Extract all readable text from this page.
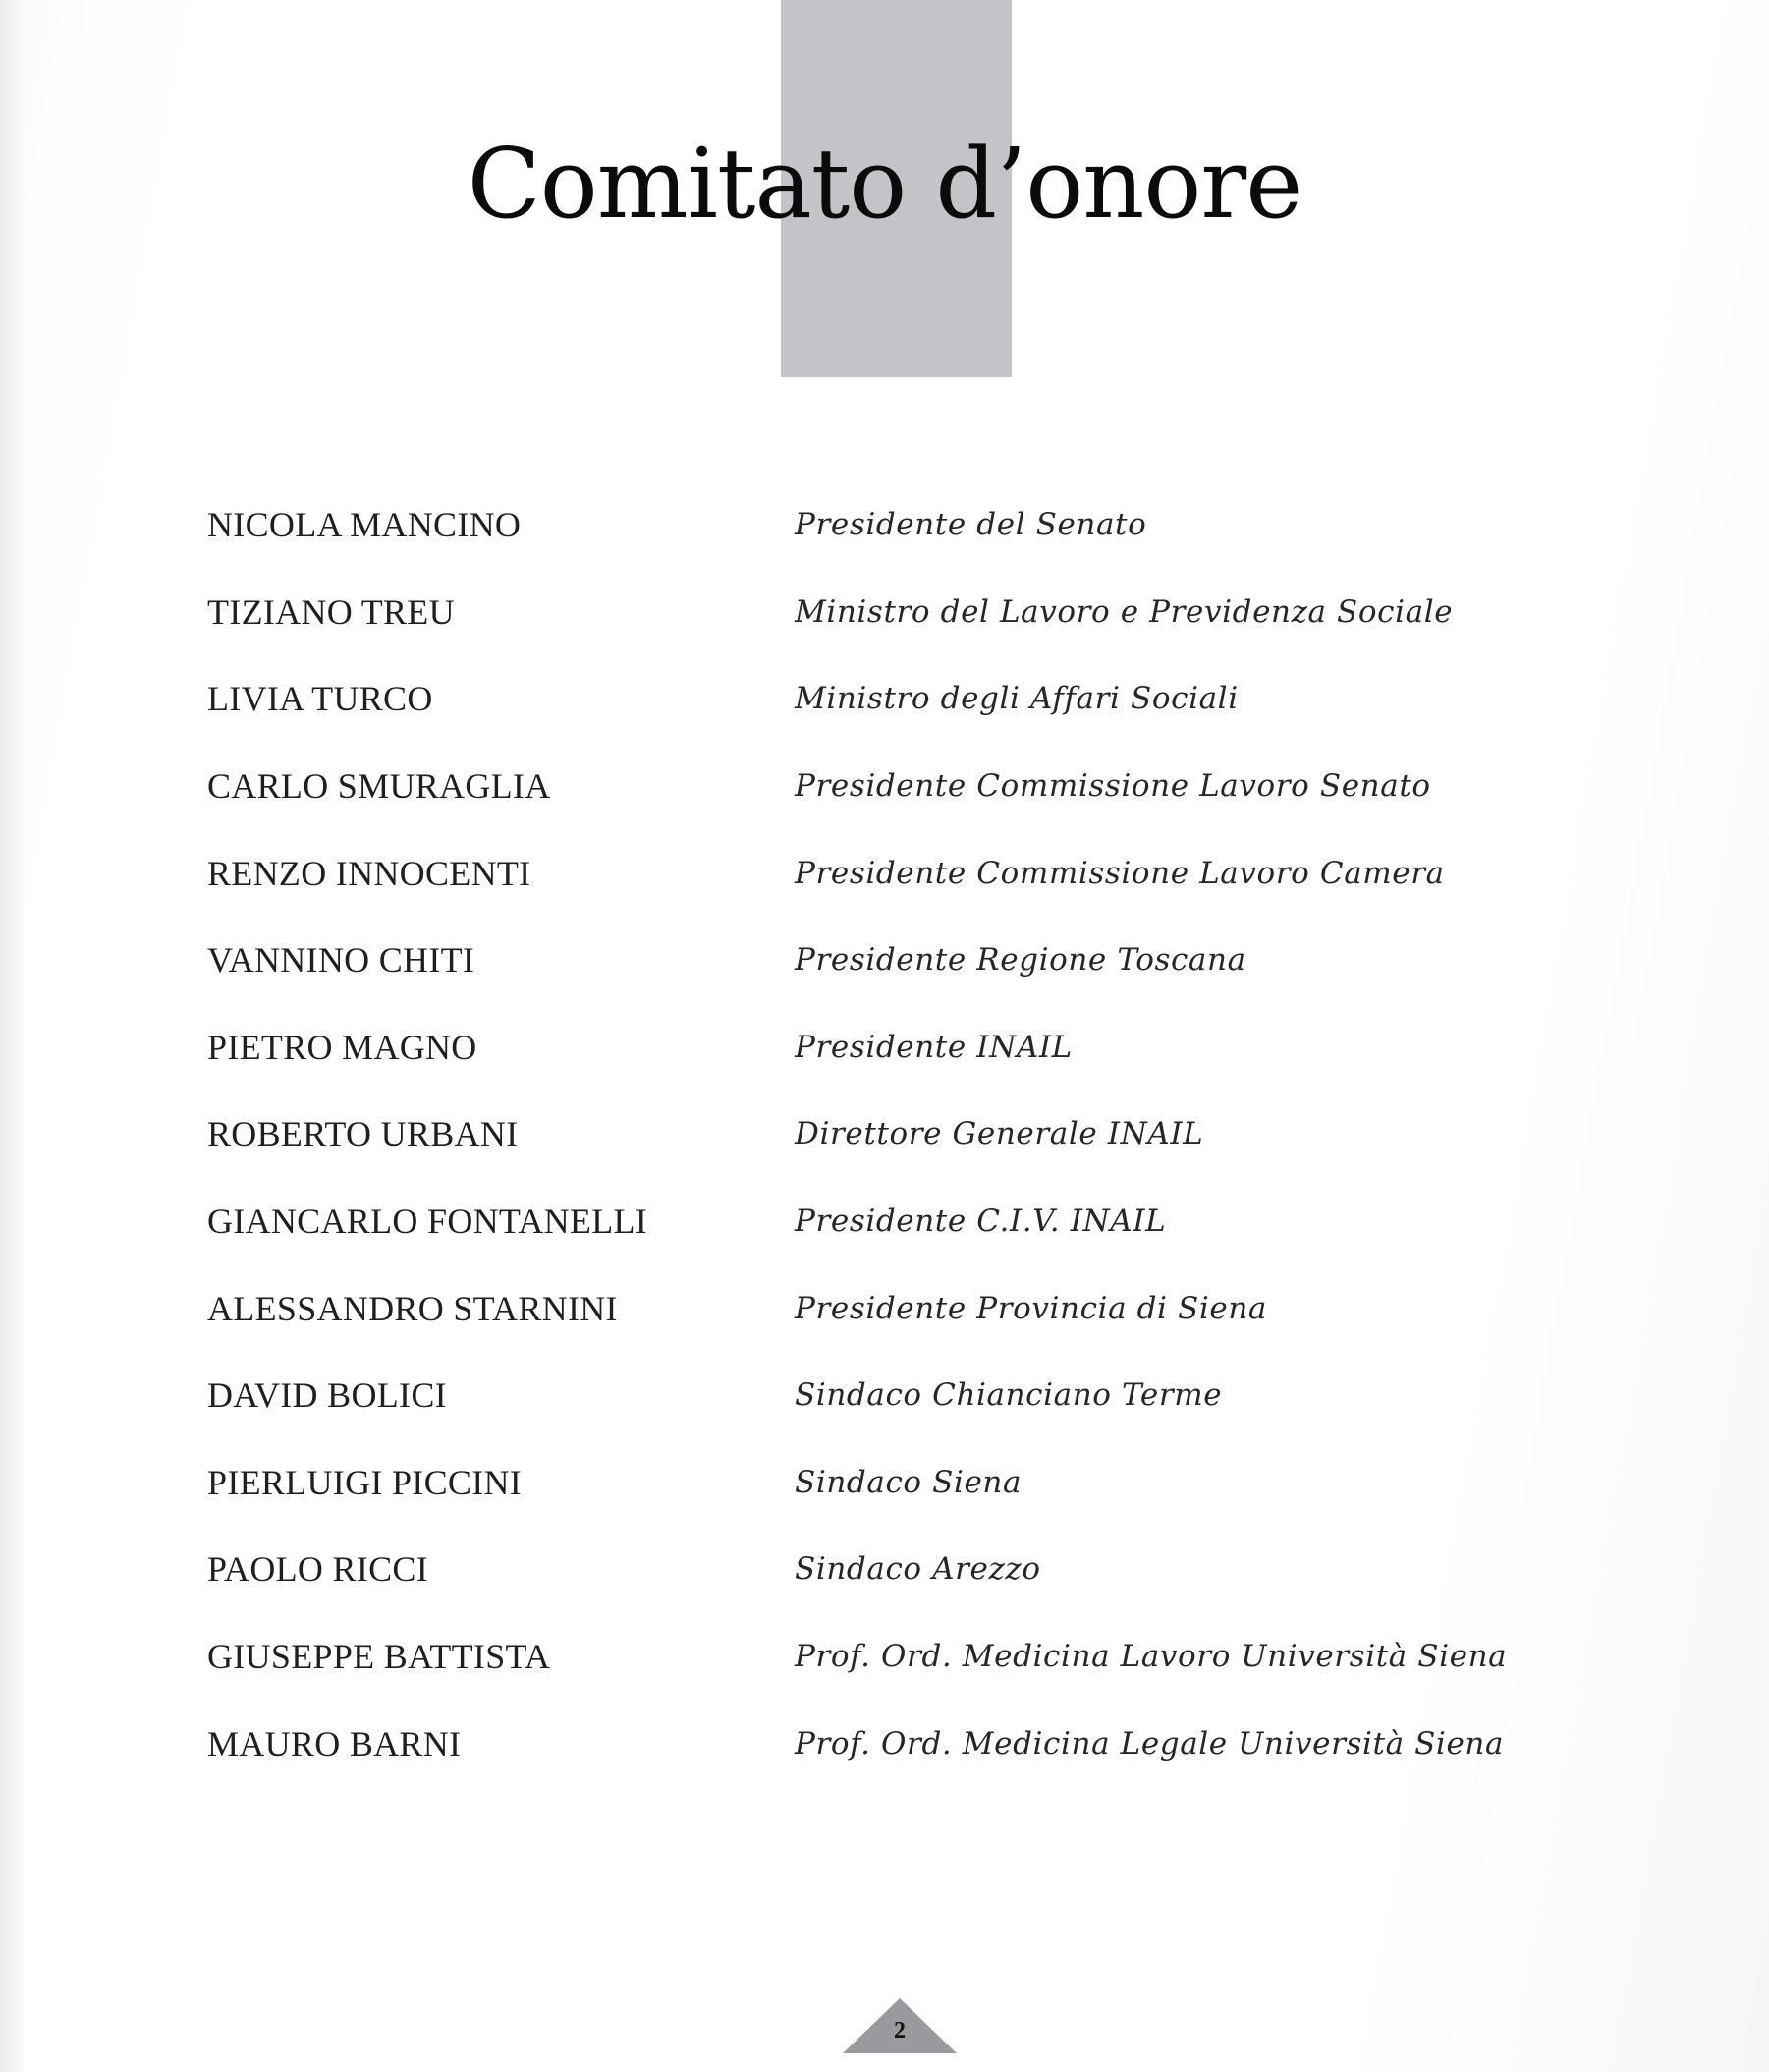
Comitato d’onore
NICOLA MANCINO	Presidente del Senato
TIZIANO TREU	Ministro del Lavoro e Previdenza Sociale
LIVIA TURCO	Ministro degli Affari Sociali
CARLO SMURAGLIA	Presidente Commissione Lavoro Senato
RENZO INNOCENTI	Presidente Commissione Lavoro Camera
VANNINO CHITI	Presidente Regione Toscana
PIETRO MAGNO	Presidente INAIL
ROBERTO URBANI	Direttore Generale INAIL
GIANCARLO FONTANELLI	Presidente C.I.V. INAIL
ALESSANDRO STARNINI	Presidente Provincia di Siena
DAVID BOLICI	Sindaco Chianciano Terme
PIERLUIGI PICCINI	Sindaco Siena
PAOLO RICCI	Sindaco Arezzo
GIUSEPPE BATTISTA	Prof. Ord. Medicina Lavoro Università Siena
MAURO BARNI	Prof. Ord. Medicina Legale Università Siena
2
